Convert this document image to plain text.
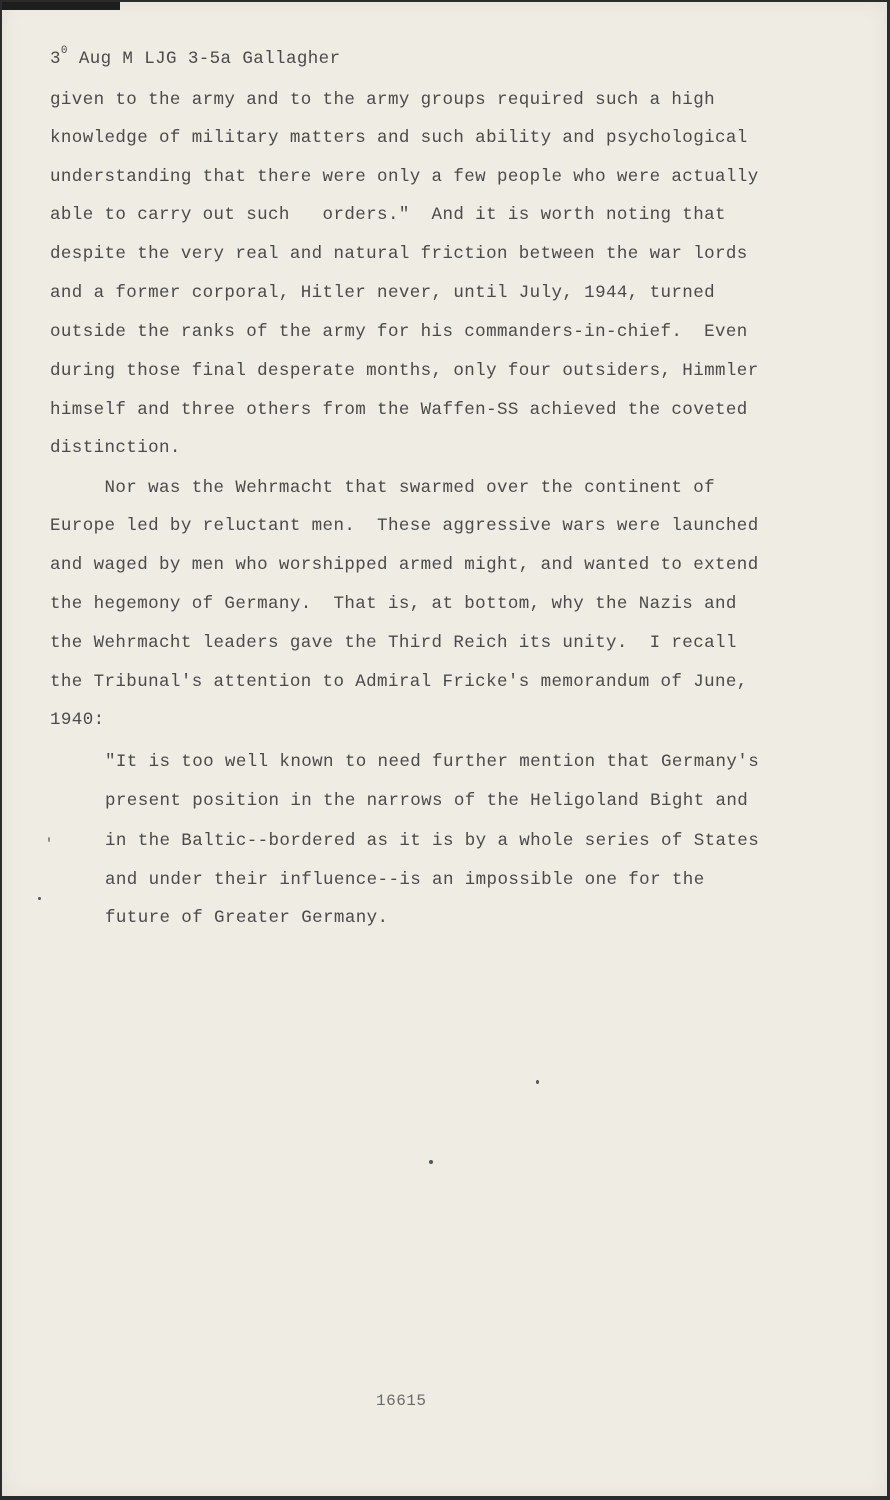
$3^0$ Aug M LJG 3-5a Gallagher
given to the army and to the army groups required such a high
knowledge of military matters and such ability and psychological
understanding that there were only a few people who were actually
able to carry out such   orders."  And it is worth noting that
despite the very real and natural friction between the war lords
and a former corporal, Hitler never, until July, 1944, turned
outside the ranks of the army for his commanders-in-chief.  Even
during those final desperate months, only four outsiders, Himmler
himself and three others from the Waffen-SS achieved the coveted
distinction.
Nor was the Wehrmacht that swarmed over the continent of
Europe led by reluctant men.  These aggressive wars were launched
and waged by men who worshipped armed might, and wanted to extend
the hegemony of Germany.  That is, at bottom, why the Nazis and
the Wehrmacht leaders gave the Third Reich its unity.  I recall
the Tribunal's attention to Admiral Fricke's memorandum of June,
1940:
"It is too well known to need further mention that Germany's
present position in the narrows of the Heligoland Bight and
in the Baltic--bordered as it is by a whole series of States
and under their influence--is an impossible one for the
future of Greater Germany.
16615
